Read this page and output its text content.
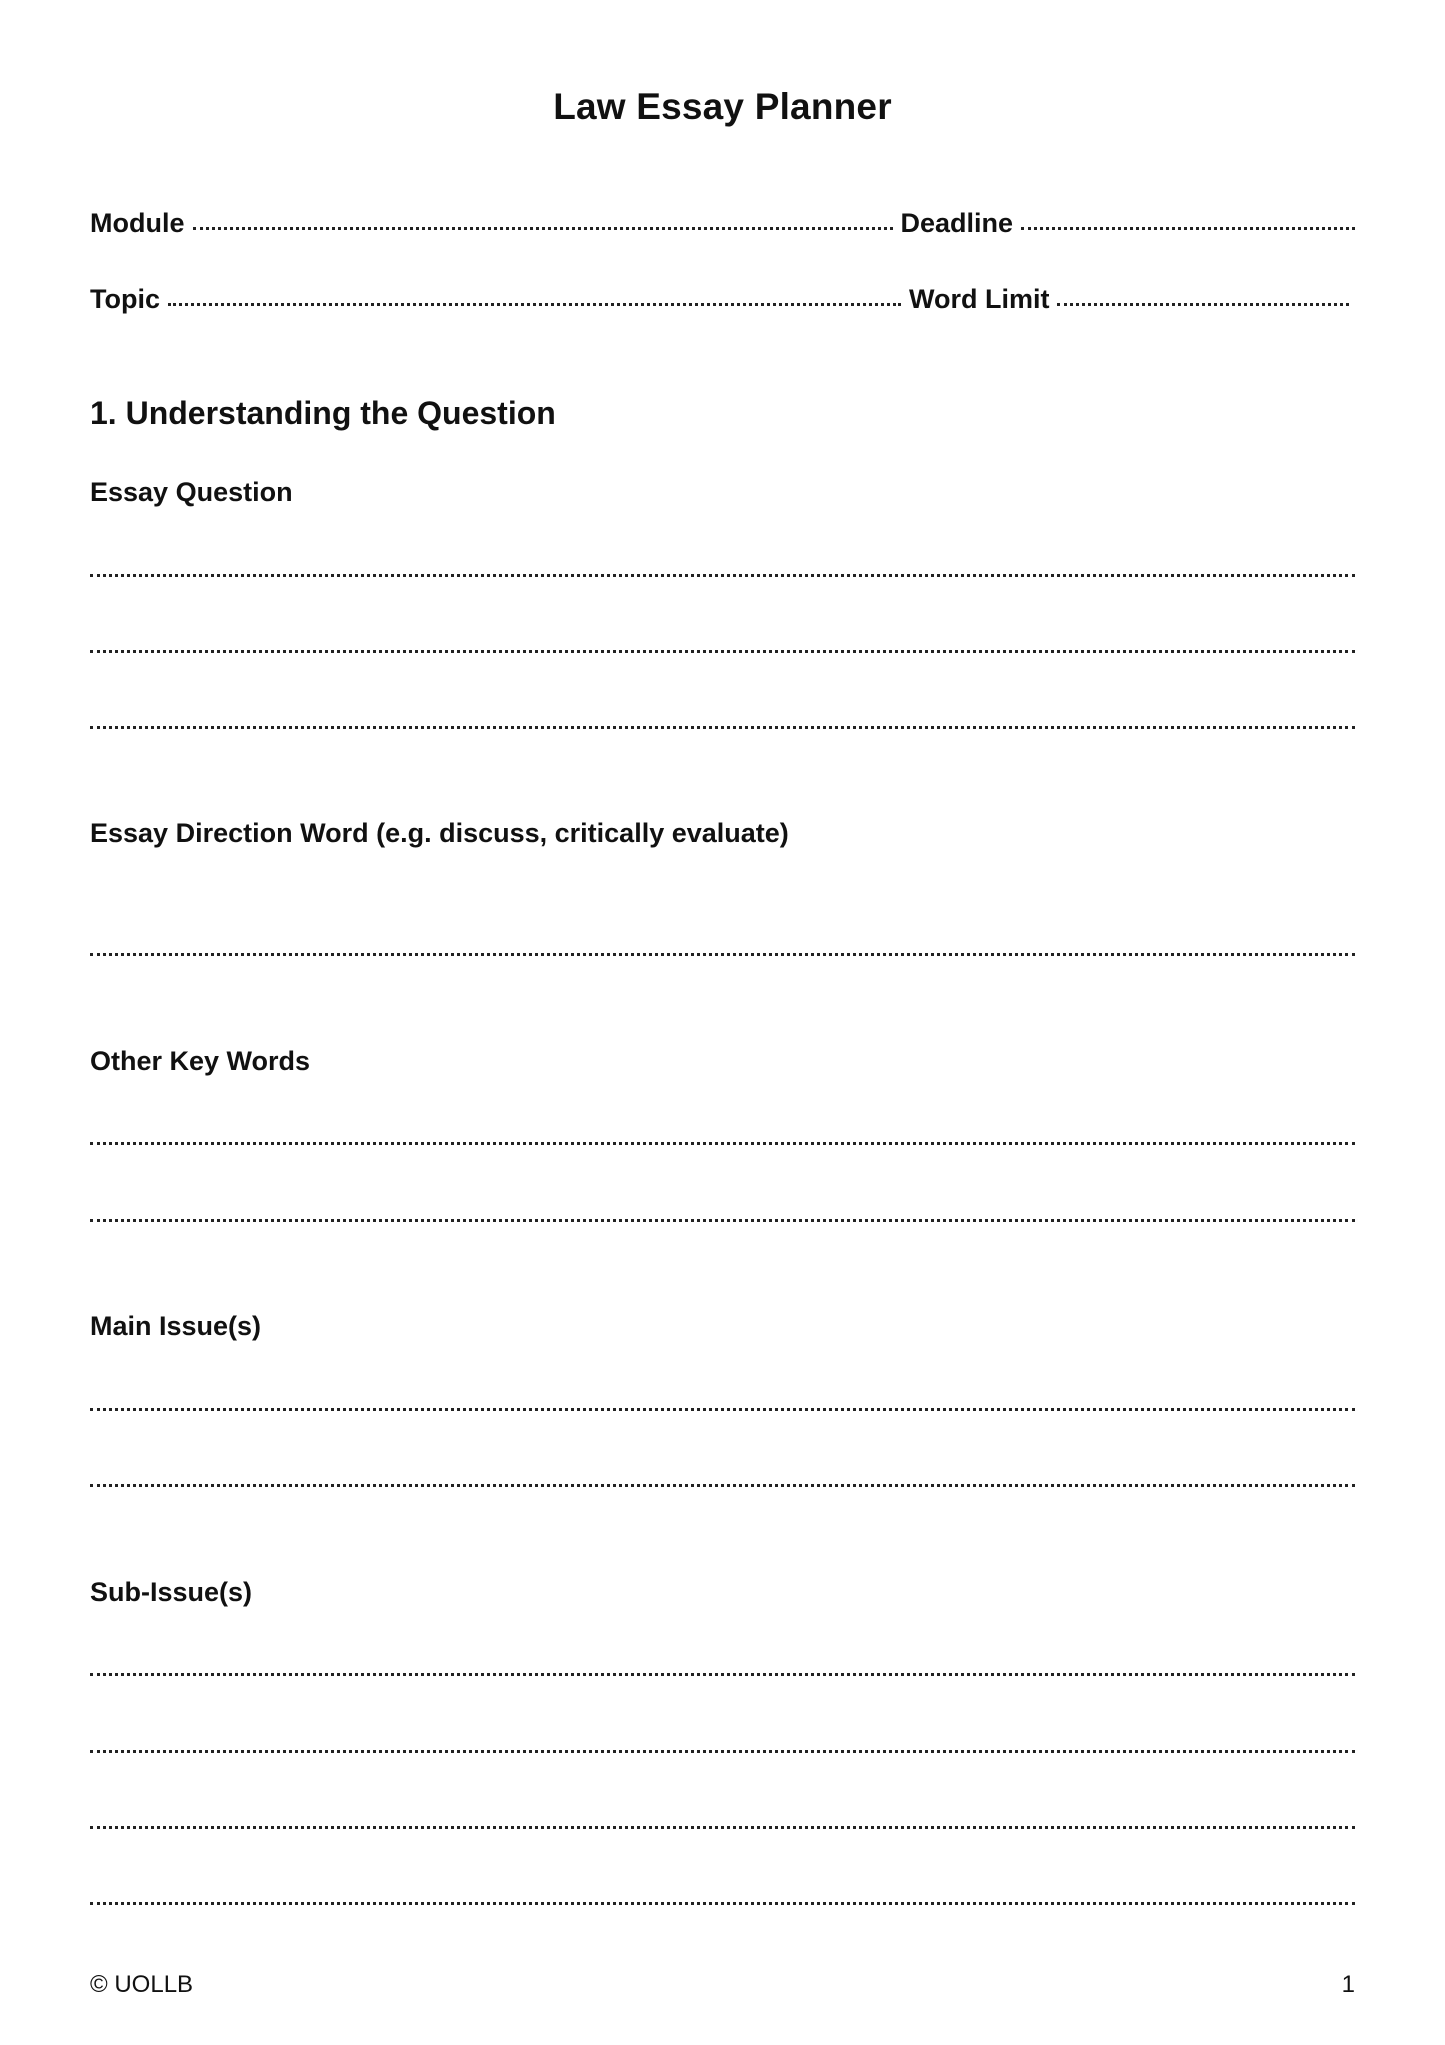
Law Essay Planner
Module	Deadline
Topic	Word Limit
1. Understanding the Question
Essay Question
Essay Direction Word (e.g. discuss, critically evaluate)
Other Key Words
Main Issue(s)
Sub-Issue(s)
© UOLLB	1
